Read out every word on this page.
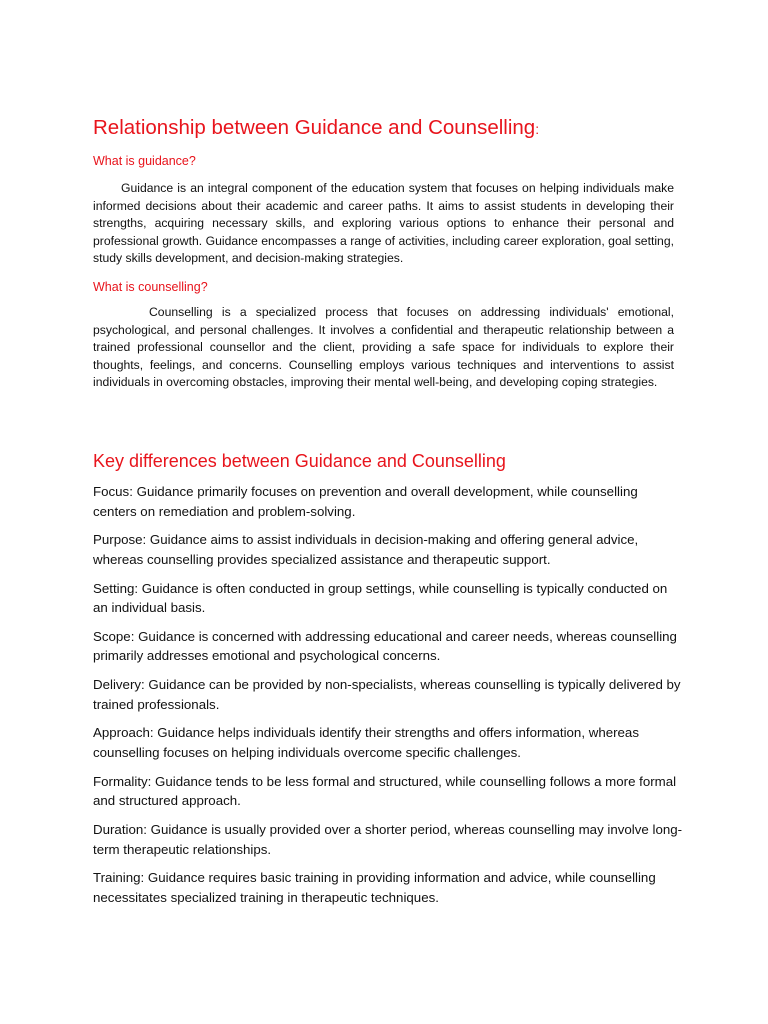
Relationship between Guidance and Counselling:
What is guidance?

Guidance is an integral component of the education system that focuses on helping individuals make informed decisions about their academic and career paths. It aims to assist students in developing their strengths, acquiring necessary skills, and exploring various options to enhance their personal and professional growth. Guidance encompasses a range of activities, including career exploration, goal setting, study skills development, and decision-making strategies.

What is counselling?

Counselling is a specialized process that focuses on addressing individuals' emotional, psychological, and personal challenges. It involves a confidential and therapeutic relationship between a trained professional counsellor and the client, providing a safe space for individuals to explore their thoughts, feelings, and concerns. Counselling employs various techniques and interventions to assist individuals in overcoming obstacles, improving their mental well-being, and developing coping strategies.

Key differences between Guidance and Counselling
Focus: Guidance primarily focuses on prevention and overall development, while counselling centers on remediation and problem-solving.
Purpose: Guidance aims to assist individuals in decision-making and offering general advice, whereas counselling provides specialized assistance and therapeutic support.
Setting: Guidance is often conducted in group settings, while counselling is typically conducted on an individual basis.
Scope: Guidance is concerned with addressing educational and career needs, whereas counselling primarily addresses emotional and psychological concerns.
Delivery: Guidance can be provided by non-specialists, whereas counselling is typically delivered by trained professionals.
Approach: Guidance helps individuals identify their strengths and offers information, whereas counselling focuses on helping individuals overcome specific challenges.
Formality: Guidance tends to be less formal and structured, while counselling follows a more formal and structured approach.
Duration: Guidance is usually provided over a shorter period, whereas counselling may involve long-term therapeutic relationships.
Training: Guidance requires basic training in providing information and advice, while counselling necessitates specialized training in therapeutic techniques.
